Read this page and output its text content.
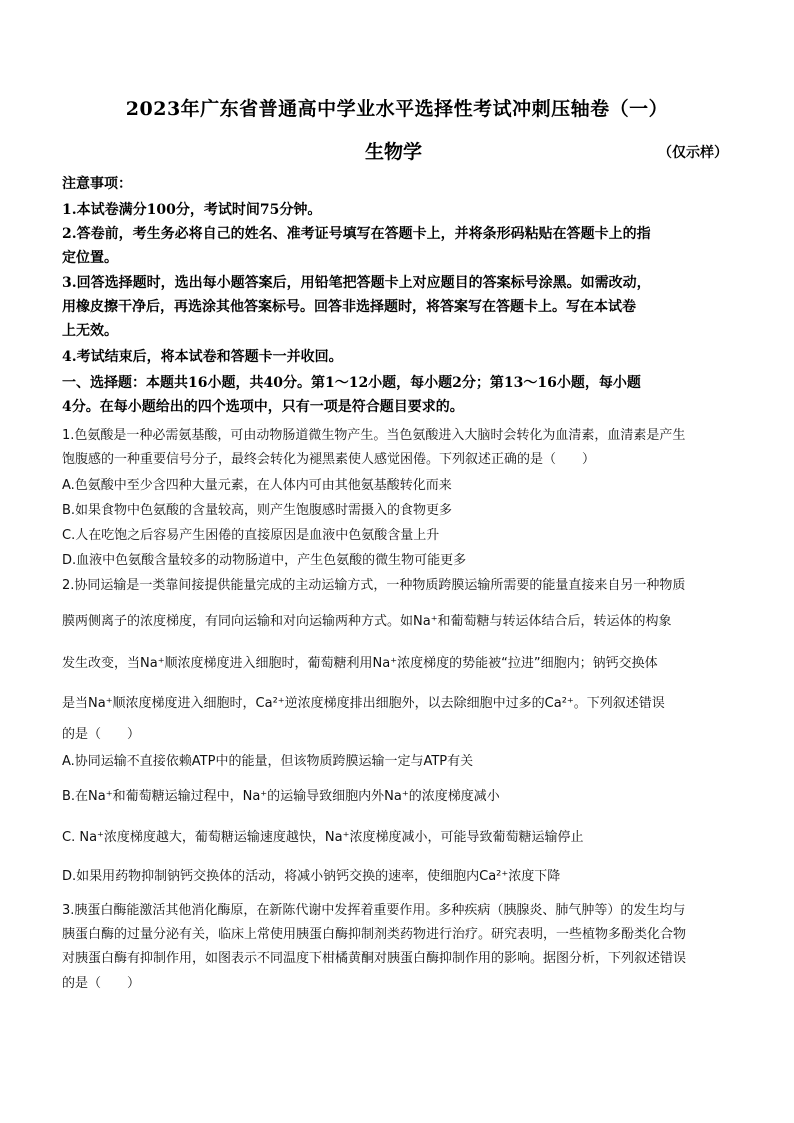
2023年广东省普通高中学业水平选择性考试冲刺压轴卷（一）
生物学	（仅示样）
注意事项：
1.本试卷满分100分，考试时间75分钟。
2.答卷前，考生务必将自己的姓名、准考证号填写在答题卡上，并将条形码粘贴在答题卡上的指
定位置。
3.回答选择题时，选出每小题答案后，用铅笔把答题卡上对应题目的答案标号涂黑。如需改动，
用橡皮擦干净后，再选涂其他答案标号。回答非选择题时，将答案写在答题卡上。写在本试卷
上无效。
4.考试结束后，将本试卷和答题卡一并收回。
一、选择题：本题共16小题，共40分。第1～12小题，每小题2分；第13～16小题，每小题
4分。在每小题给出的四个选项中，只有一项是符合题目要求的。
1.色氨酸是一种必需氨基酸，可由动物肠道微生物产生。当色氨酸进入大脑时会转化为血清素，血清素是产生
饱腹感的一种重要信号分子，最终会转化为褪黑素使人感觉困倦。下列叙述正确的是（　　）
A.色氨酸中至少含四种大量元素，在人体内可由其他氨基酸转化而来
B.如果食物中色氨酸的含量较高，则产生饱腹感时需摄入的食物更多
C.人在吃饱之后容易产生困倦的直接原因是血液中色氨酸含量上升
D.血液中色氨酸含量较多的动物肠道中，产生色氨酸的微生物可能更多
2.协同运输是一类靠间接提供能量完成的主动运输方式，一种物质跨膜运输所需要的能量直接来自另一种物质
膜两侧离子的浓度梯度，有同向运输和对向运输两种方式。如Na⁺和葡萄糖与转运体结合后，转运体的构象
发生改变，当Na⁺顺浓度梯度进入细胞时，葡萄糖利用Na⁺浓度梯度的势能被“拉进”细胞内；钠钙交换体
是当Na⁺顺浓度梯度进入细胞时，Ca²⁺逆浓度梯度排出细胞外，以去除细胞中过多的Ca²⁺。下列叙述错误
的是（　　）
A.协同运输不直接依赖ATP中的能量，但该物质跨膜运输一定与ATP有关
B.在Na⁺和葡萄糖运输过程中，Na⁺的运输导致细胞内外Na⁺的浓度梯度减小
C. Na⁺浓度梯度越大，葡萄糖运输速度越快，Na⁺浓度梯度减小，可能导致葡萄糖运输停止
D.如果用药物抑制钠钙交换体的活动，将减小钠钙交换的速率，使细胞内Ca²⁺浓度下降
3.胰蛋白酶能激活其他消化酶原，在新陈代谢中发挥着重要作用。多种疾病（胰腺炎、肺气肿等）的发生均与
胰蛋白酶的过量分泌有关，临床上常使用胰蛋白酶抑制剂类药物进行治疗。研究表明，一些植物多酚类化合物
对胰蛋白酶有抑制作用，如图表示不同温度下柑橘黄酮对胰蛋白酶抑制作用的影响。据图分析，下列叙述错误
的是（　　）
